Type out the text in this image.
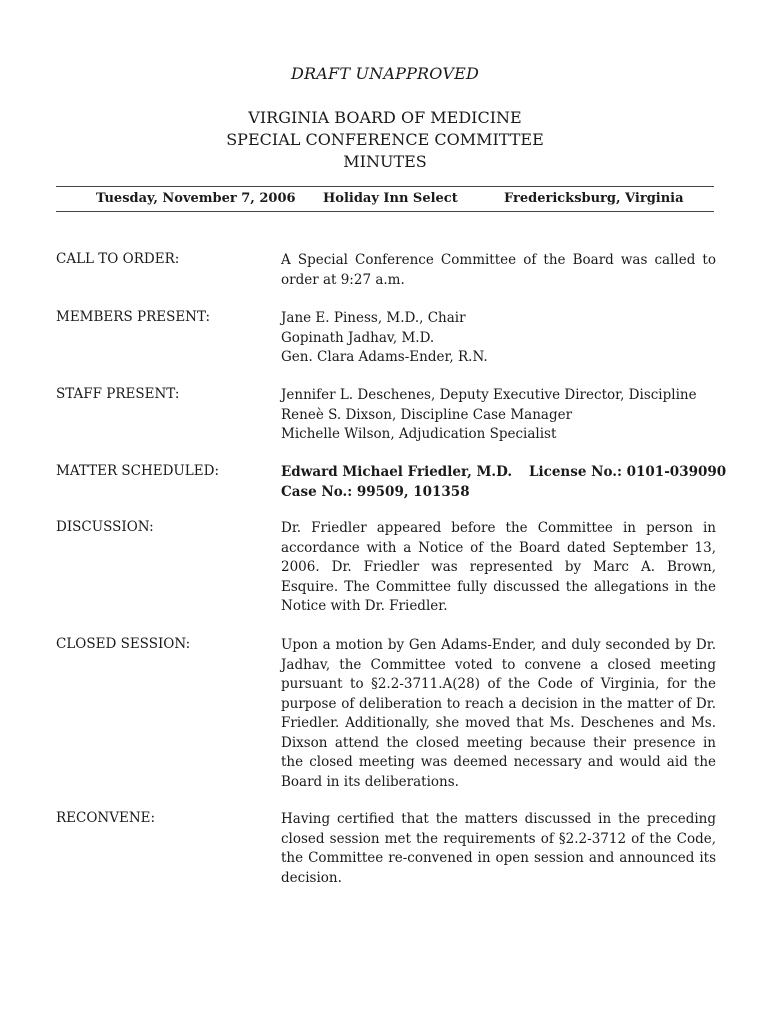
DRAFT UNAPPROVED
VIRGINIA BOARD OF MEDICINE
SPECIAL CONFERENCE COMMITTEE
MINUTES
Tuesday, November 7, 2006 Holiday Inn Select	Fredericksburg, Virginia
CALL TO ORDER:	A Special Conference Committee of the Board was called to order at 9:27 a.m.
MEMBERS PRESENT:	Jane E. Piness, M.D., Chair
Gopinath Jadhav, M.D.
Gen. Clara Adams-Ender, R.N.
STAFF PRESENT:	Jennifer L. Deschenes, Deputy Executive Director, Discipline
Reneè S. Dixson, Discipline Case Manager
Michelle Wilson, Adjudication Specialist
MATTER SCHEDULED:	Edward Michael Friedler, M.D. License No.: 0101-039090
Case No.: 99509, 101358
DISCUSSION:	Dr. Friedler appeared before the Committee in person in accordance with a Notice of the Board dated September 13, 2006. Dr. Friedler was represented by Marc A. Brown, Esquire. The Committee fully discussed the allegations in the Notice with Dr. Friedler.
CLOSED SESSION:	Upon a motion by Gen Adams-Ender, and duly seconded by Dr. Jadhav, the Committee voted to convene a closed meeting pursuant to §2.2-3711.A(28) of the Code of Virginia, for the purpose of deliberation to reach a decision in the matter of Dr. Friedler. Additionally, she moved that Ms. Deschenes and Ms. Dixson attend the closed meeting because their presence in the closed meeting was deemed necessary and would aid the Board in its deliberations.
RECONVENE:	Having certified that the matters discussed in the preceding closed session met the requirements of §2.2-3712 of the Code, the Committee re-convened in open session and announced its decision.
